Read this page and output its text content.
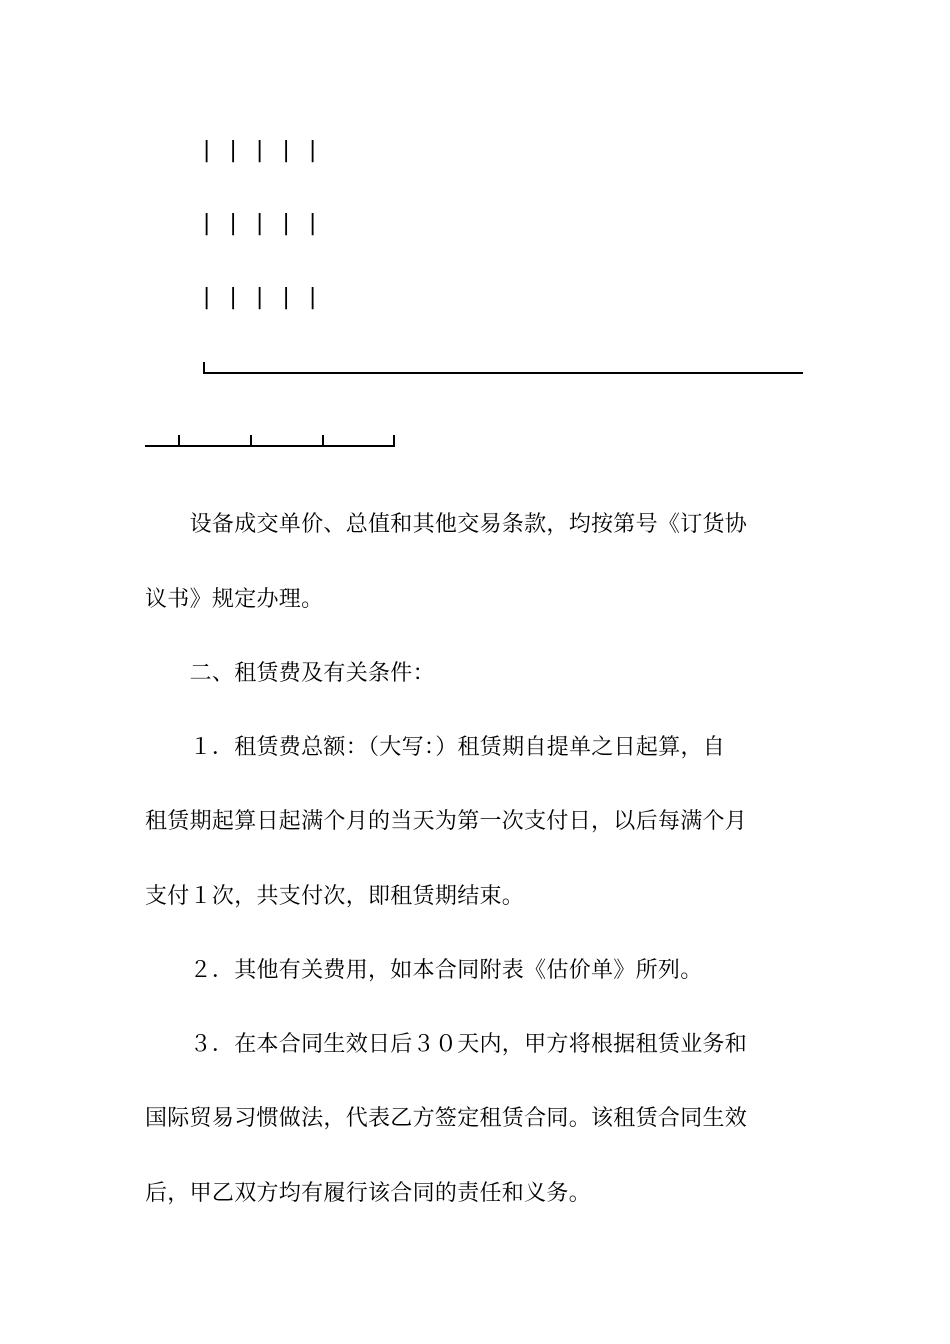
| | | | |
| | | | |
| | | | |
　　设备成交单价、总值和其他交易条款，均按第号《订货协
议书》规定办理。
　　二、租赁费及有关条件：
　　１．租赁费总额：（大写：）租赁期自提单之日起算，自
租赁期起算日起满个月的当天为第一次支付日，以后每满个月
支付１次，共支付次，即租赁期结束。
　　２．其他有关费用，如本合同附表《估价单》所列。
　　３．在本合同生效日后３０天内，甲方将根据租赁业务和
国际贸易习惯做法，代表乙方签定租赁合同。该租赁合同生效
后，甲乙双方均有履行该合同的责任和义务。
